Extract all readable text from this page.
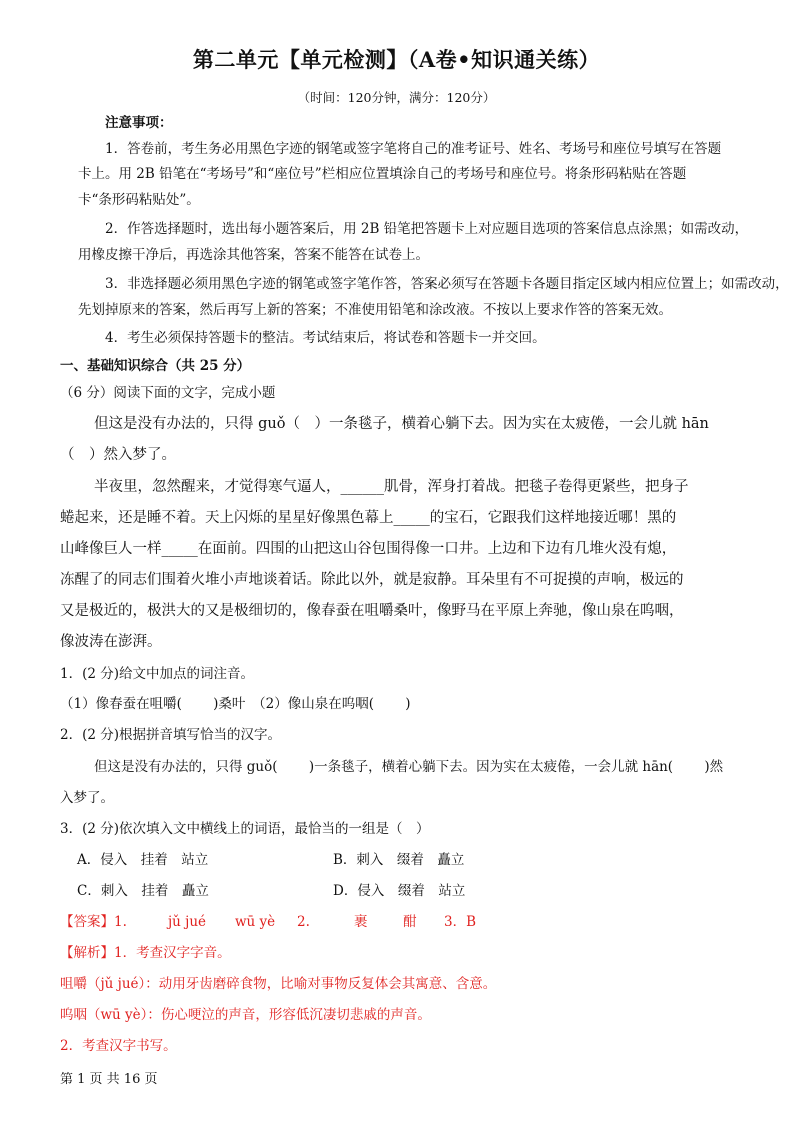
第二单元【单元检测】（A卷•知识通关练）
（时间：120分钟，满分：120分）
注意事项：
1．答卷前，考生务必用黑色字迹的钢笔或签字笔将自己的准考证号、姓名、考场号和座位号填写在答题
卡上。用 2B 铅笔在“考场号”和“座位号”栏相应位置填涂自己的考场号和座位号。将条形码粘贴在答题
卡“条形码粘贴处”。
2．作答选择题时，选出每小题答案后，用 2B 铅笔把答题卡上对应题目选项的答案信息点涂黑；如需改动，
用橡皮擦干净后，再选涂其他答案，答案不能答在试卷上。
3．非选择题必须用黑色字迹的钢笔或签字笔作答，答案必须写在答题卡各题目指定区域内相应位置上；如需改动，
先划掉原来的答案，然后再写上新的答案；不准使用铅笔和涂改液。不按以上要求作答的答案无效。
4．考生必须保持答题卡的整洁。考试结束后，将试卷和答题卡一并交回。
一、基础知识综合（共 25 分）
（6 分）阅读下面的文字，完成小题
但这是没有办法的，只得 guǒ（　）一条毯子，横着心躺下去。因为实在太疲倦，一会儿就 hān
（　）然入梦了。
半夜里，忽然醒来，才觉得寒气逼人，______肌骨，浑身打着战。把毯子卷得更紧些，把身子
蜷起来，还是睡不着。天上闪烁的星星好像黑色幕上_____的宝石，它跟我们这样地接近哪！黑的
山峰像巨人一样_____在面前。四围的山把这山谷包围得像一口井。上边和下边有几堆火没有熄，
冻醒了的同志们围着火堆小声地谈着话。除此以外，就是寂静。耳朵里有不可捉摸的声响，极远的
又是极近的，极洪大的又是极细切的，像春蚕在咀嚼桑叶，像野马在平原上奔驰，像山泉在呜咽，
像波涛在澎湃。
1．(2 分)给文中加点的词注音。
（1）像春蚕在咀嚼(　　 )桑叶　（2）像山泉在呜咽(　　 )
2．(2 分)根据拼音填写恰当的汉字。
但这是没有办法的，只得 guǒ(　　 )一条毯子，横着心躺下去。因为实在太疲倦，一会儿就 hān(　　 )然
入梦了。
3．(2 分)依次填入文中横线上的词语，最恰当的一组是（　）
A．侵入　挂着　站立	B．刺入　缀着　矗立
C．刺入　挂着　矗立	D．侵入　缀着　站立
【答案】1.	jǔ jué wū yè 2.	裹	酣 3．B
【解析】1．考查汉字字音。
咀嚼（jǔ jué）：动用牙齿磨碎食物，比喻对事物反复体会其寓意、含意。
呜咽（wū yè）：伤心哽泣的声音，形容低沉凄切悲戚的声音。
2．考查汉字书写。
第 1 页 共 16 页
